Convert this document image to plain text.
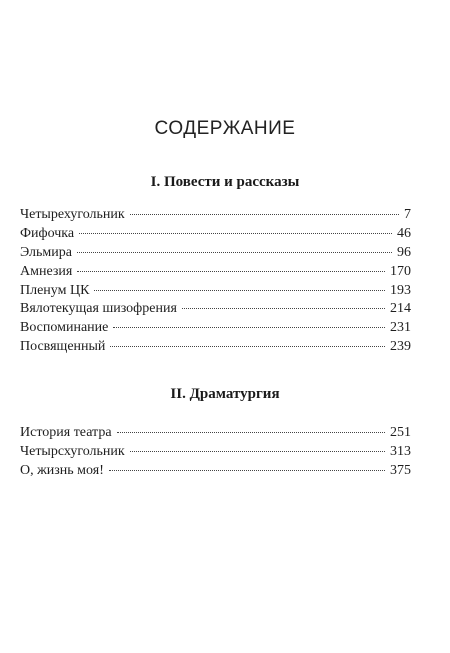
СОДЕРЖАНИЕ
I. Повести и рассказы
Четырехугольник	7
Фифочка	46
Эльмира	96
Амнезия	170
Пленум ЦК	193
Вялотекущая шизофрения	214
Воспоминание	231
Посвященный	239
II. Драматургия
История театра	251
Четырсхугольник	313
О, жизнь моя!	375
